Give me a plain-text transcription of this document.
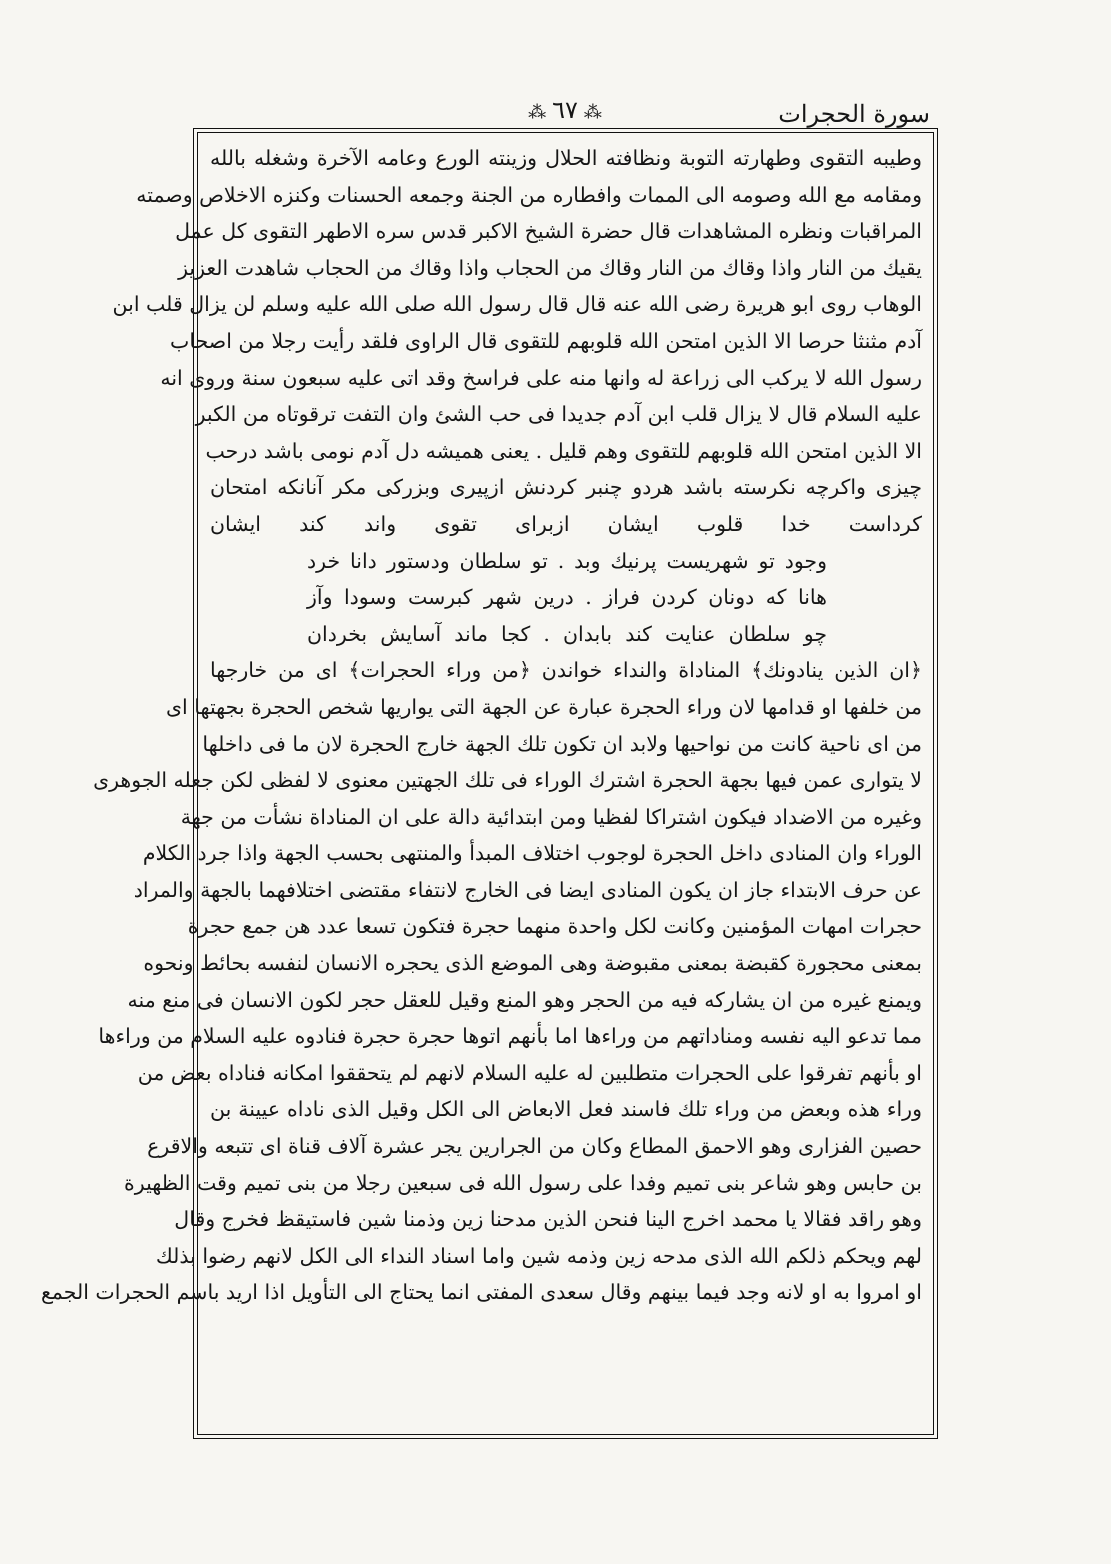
سورة الحجرات
⁂٦٧⁂
وطيبه التقوى وطهارته التوبة ونظافته الحلال وزينته الورع وعامه الآخرة وشغله بالله
ومقامه مع الله وصومه الى الممات وافطاره من الجنة وجمعه الحسنات وكنزه الاخلاص وصمته
المراقبات ونظره المشاهدات قال حضرة الشيخ الاكبر قدس سره الاطهر التقوى كل عمل
يقيك من النار واذا وقاك من النار وقاك من الحجاب واذا وقاك من الحجاب شاهدت العزيز
الوهاب روى ابو هريرة رضى الله عنه قال قال رسول الله صلى الله عليه وسلم لن يزال قلب ابن
آدم مثنثا حرصا الا الذين امتحن الله قلوبهم للتقوى قال الراوى فلقد رأيت رجلا من اصحاب
رسول الله لا يركب الى زراعة له وانها منه على فراسخ وقد اتى عليه سبعون سنة وروى انه
عليه السلام قال لا يزال قلب ابن آدم جديدا فى حب الشئ وان التفت ترقوتاه من الكبر
الا الذين امتحن الله قلوبهم للتقوى وهم قليل . يعنى هميشه دل آدم نومى باشد درحب
چيزى واكرچه نكرسته باشد هردو چنبر كردنش ازپيرى وبزركى مكر آنانكه امتحان
كرداست خدا قلوب ايشان ازبراى تقوى واند كند ايشان
وجود تو شهريست پرنيك وبد . تو سلطان ودستور دانا خرد
هانا كه دونان كردن فراز . درين شهر كبرست وسودا وآز
چو سلطان عنايت كند بابدان . كجا ماند آسايش بخردان
﴿ان الذين ينادونك﴾ المناداة والنداء خواندن ﴿من وراء الحجرات﴾ اى من خارجها
من خلفها او قدامها لان وراء الحجرة عبارة عن الجهة التى يواريها شخص الحجرة بجهتها اى
من اى ناحية كانت من نواحيها ولابد ان تكون تلك الجهة خارج الحجرة لان ما فى داخلها
لا يتوارى عمن فيها بجهة الحجرة اشترك الوراء فى تلك الجهتين معنوى لا لفظى لكن جعله الجوهرى
وغيره من الاضداد فيكون اشتراكا لفظيا ومن ابتدائية دالة على ان المناداة نشأت من جهة
الوراء وان المنادى داخل الحجرة لوجوب اختلاف المبدأ والمنتهى بحسب الجهة واذا جرد الكلام
عن حرف الابتداء جاز ان يكون المنادى ايضا فى الخارج لانتفاء مقتضى اختلافهما بالجهة والمراد
حجرات امهات المؤمنين وكانت لكل واحدة منهما حجرة فتكون تسعا عدد هن جمع حجرة
بمعنى محجورة كقبضة بمعنى مقبوضة وهى الموضع الذى يحجره الانسان لنفسه بحائط ونحوه
ويمنع غيره من ان يشاركه فيه من الحجر وهو المنع وقيل للعقل حجر لكون الانسان فى منع منه
مما تدعو اليه نفسه ومناداتهم من وراءها اما بأنهم اتوها حجرة حجرة فنادوه عليه السلام من وراءها
او بأنهم تفرقوا على الحجرات متطلبين له عليه السلام لانهم لم يتحققوا امكانه فناداه بعض من
وراء هذه وبعض من وراء تلك فاسند فعل الابعاض الى الكل وقيل الذى ناداه عيينة بن
حصين الفزارى وهو الاحمق المطاع وكان من الجرارين يجر عشرة آلاف قناة اى تتبعه والاقرع
بن حابس وهو شاعر بنى تميم وفدا على رسول الله فى سبعين رجلا من بنى تميم وقت الظهيرة
وهو راقد فقالا يا محمد اخرج الينا فنحن الذين مدحنا زين وذمنا شين فاستيقظ فخرج وقال
لهم ويحكم ذلكم الله الذى مدحه زين وذمه شين واما اسناد النداء الى الكل لانهم رضوا بذلك
او امروا به او لانه وجد فيما بينهم وقال سعدى المفتى انما يحتاج الى التأويل اذا اريد باسم الحجرات الجمع
